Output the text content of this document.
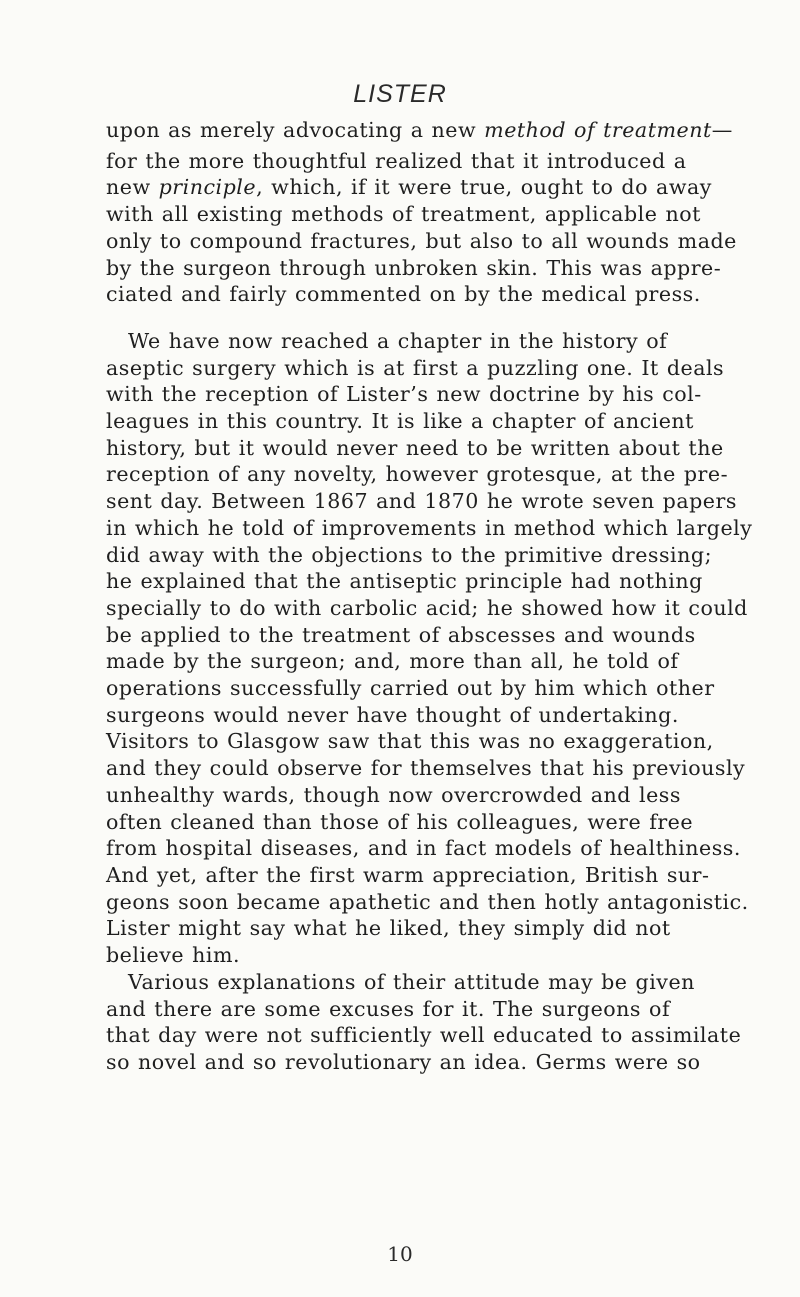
LISTER
upon as merely advocating a new method of treatment—
for the more thoughtful realized that it introduced a
new principle, which, if it were true, ought to do away
with all existing methods of treatment, applicable not
only to compound fractures, but also to all wounds made
by the surgeon through unbroken skin. This was appre-
ciated and fairly commented on by the medical press.
We have now reached a chapter in the history of
aseptic surgery which is at first a puzzling one. It deals
with the reception of Lister’s new doctrine by his col-
leagues in this country. It is like a chapter of ancient
history, but it would never need to be written about the
reception of any novelty, however grotesque, at the pre-
sent day. Between 1867 and 1870 he wrote seven papers
in which he told of improvements in method which largely
did away with the objections to the primitive dressing;
he explained that the antiseptic principle had nothing
specially to do with carbolic acid; he showed how it could
be applied to the treatment of abscesses and wounds
made by the surgeon; and, more than all, he told of
operations successfully carried out by him which other
surgeons would never have thought of undertaking.
Visitors to Glasgow saw that this was no exaggeration,
and they could observe for themselves that his previously
unhealthy wards, though now overcrowded and less
often cleaned than those of his colleagues, were free
from hospital diseases, and in fact models of healthiness.
And yet, after the first warm appreciation, British sur-
geons soon became apathetic and then hotly antagonistic.
Lister might say what he liked, they simply did not
believe him.
Various explanations of their attitude may be given
and there are some excuses for it. The surgeons of
that day were not sufficiently well educated to assimilate
so novel and so revolutionary an idea. Germs were so
10
